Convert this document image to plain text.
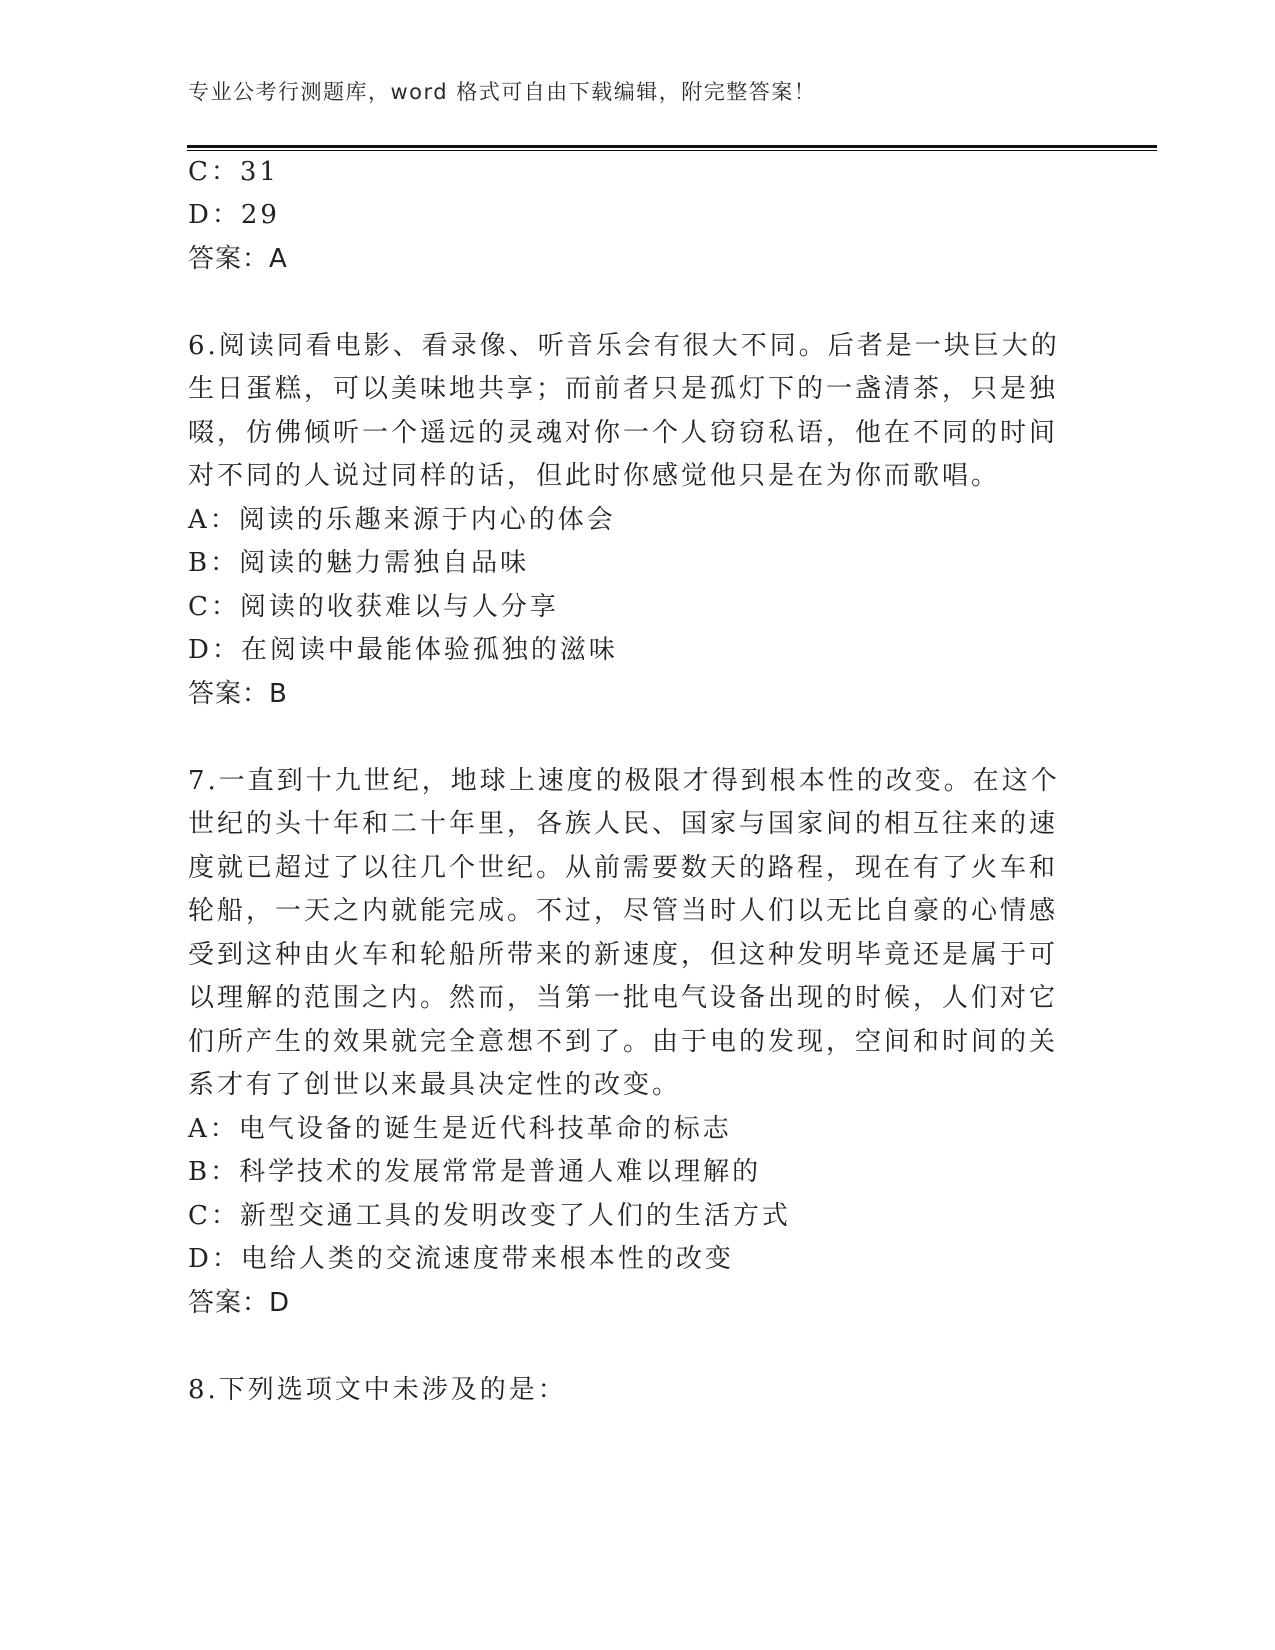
专业公考行测题库，word 格式可自由下载编辑，附完整答案！
C：31
D：29
答案：A
6.阅读同看电影、看录像、听音乐会有很大不同。后者是一块巨大的
生日蛋糕，可以美味地共享；而前者只是孤灯下的一盏清茶，只是独
啜，仿佛倾听一个遥远的灵魂对你一个人窃窃私语，他在不同的时间
对不同的人说过同样的话，但此时你感觉他只是在为你而歌唱。
A：阅读的乐趣来源于内心的体会
B：阅读的魅力需独自品味
C：阅读的收获难以与人分享
D：在阅读中最能体验孤独的滋味
答案：B
7.一直到十九世纪，地球上速度的极限才得到根本性的改变。在这个
世纪的头十年和二十年里，各族人民、国家与国家间的相互往来的速
度就已超过了以往几个世纪。从前需要数天的路程，现在有了火车和
轮船，一天之内就能完成。不过，尽管当时人们以无比自豪的心情感
受到这种由火车和轮船所带来的新速度，但这种发明毕竟还是属于可
以理解的范围之内。然而，当第一批电气设备出现的时候，人们对它
们所产生的效果就完全意想不到了。由于电的发现，空间和时间的关
系才有了创世以来最具决定性的改变。
A：电气设备的诞生是近代科技革命的标志
B：科学技术的发展常常是普通人难以理解的
C：新型交通工具的发明改变了人们的生活方式
D：电给人类的交流速度带来根本性的改变
答案：D
8.下列选项文中未涉及的是：
